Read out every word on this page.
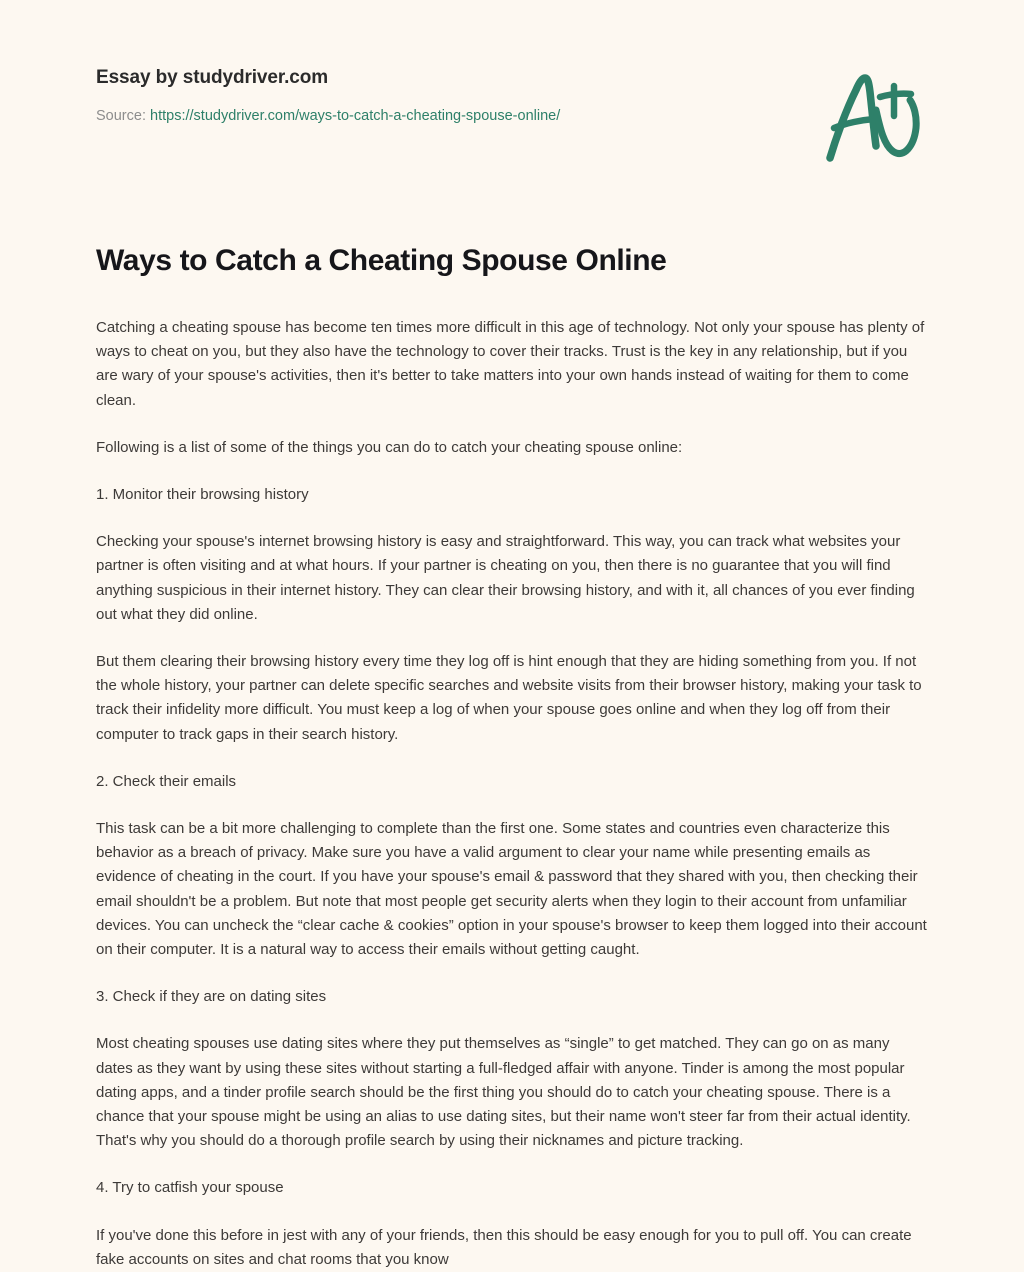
Essay by studydriver.com

Source: https://studydriver.com/ways-to-catch-a-cheating-spouse-online/

Ways to Catch a Cheating Spouse Online

Catching a cheating spouse has become ten times more difficult in this age of technology. Not only your spouse has plenty of ways to cheat on you, but they also have the technology to cover their tracks. Trust is the key in any relationship, but if you are wary of your spouse's activities, then it's better to take matters into your own hands instead of waiting for them to come clean.

Following is a list of some of the things you can do to catch your cheating spouse online:

1. Monitor their browsing history

Checking your spouse's internet browsing history is easy and straightforward. This way, you can track what websites your partner is often visiting and at what hours. If your partner is cheating on you, then there is no guarantee that you will find anything suspicious in their internet history. They can clear their browsing history, and with it, all chances of you ever finding out what they did online.

But them clearing their browsing history every time they log off is hint enough that they are hiding something from you. If not the whole history, your partner can delete specific searches and website visits from their browser history, making your task to track their infidelity more difficult. You must keep a log of when your spouse goes online and when they log off from their computer to track gaps in their search history.

2. Check their emails

This task can be a bit more challenging to complete than the first one. Some states and countries even characterize this behavior as a breach of privacy. Make sure you have a valid argument to clear your name while presenting emails as evidence of cheating in the court. If you have your spouse's email & password that they shared with you, then checking their email shouldn't be a problem. But note that most people get security alerts when they login to their account from unfamiliar devices. You can uncheck the “clear cache & cookies” option in your spouse's browser to keep them logged into their account on their computer. It is a natural way to access their emails without getting caught.

3. Check if they are on dating sites

Most cheating spouses use dating sites where they put themselves as “single” to get matched. They can go on as many dates as they want by using these sites without starting a full-fledged affair with anyone. Tinder is among the most popular dating apps, and a tinder profile search should be the first thing you should do to catch your cheating spouse. There is a chance that your spouse might be using an alias to use dating sites, but their name won't steer far from their actual identity. That's why you should do a thorough profile search by using their nicknames and picture tracking.

4. Try to catfish your spouse

If you've done this before in jest with any of your friends, then this should be easy enough for you to pull off. You can create fake accounts on sites and chat rooms that you know
